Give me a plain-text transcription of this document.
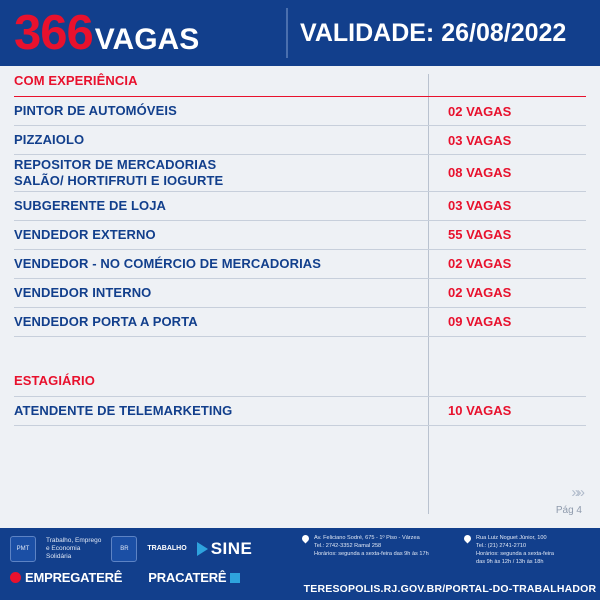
366 VAGAS	VALIDADE: 26/08/2022
COM EXPERIÊNCIA
PINTOR DE AUTOMÓVEIS	02 VAGAS
PIZZAIOLO	03 VAGAS
REPOSITOR DE MERCADORIAS
SALÃO/ HORTIFRUTI E IOGURTE	08 VAGAS
SUBGERENTE DE LOJA	03 VAGAS
VENDEDOR EXTERNO	55 VAGAS
VENDEDOR - NO COMÉRCIO DE MERCADORIAS	02 VAGAS
VENDEDOR INTERNO	02 VAGAS
VENDEDOR PORTA A PORTA	09 VAGAS
ESTAGIÁRIO
ATENDENTE DE TELEMARKETING	10 VAGAS
»»
Pág 4
PMT
Trabalho, Emprego
e Economia
Solidária
BR	TRABALHO SINE
EMPREGATERÊ PRACATERÊ
Av. Feliciano Sodré, 675 - 1º Piso - Várzea
Tel.: 2742-3352 Ramal 258
Horários: segunda a sexta-feira das 9h às 17h
Rua Luiz Noguet Júnior, 100
Tel.: (21) 2741-2710
Horários: segunda a sexta-feira
das 9h às 12h / 13h às 18h
TERESOPOLIS.RJ.GOV.BR/PORTAL-DO-TRABALHADOR
